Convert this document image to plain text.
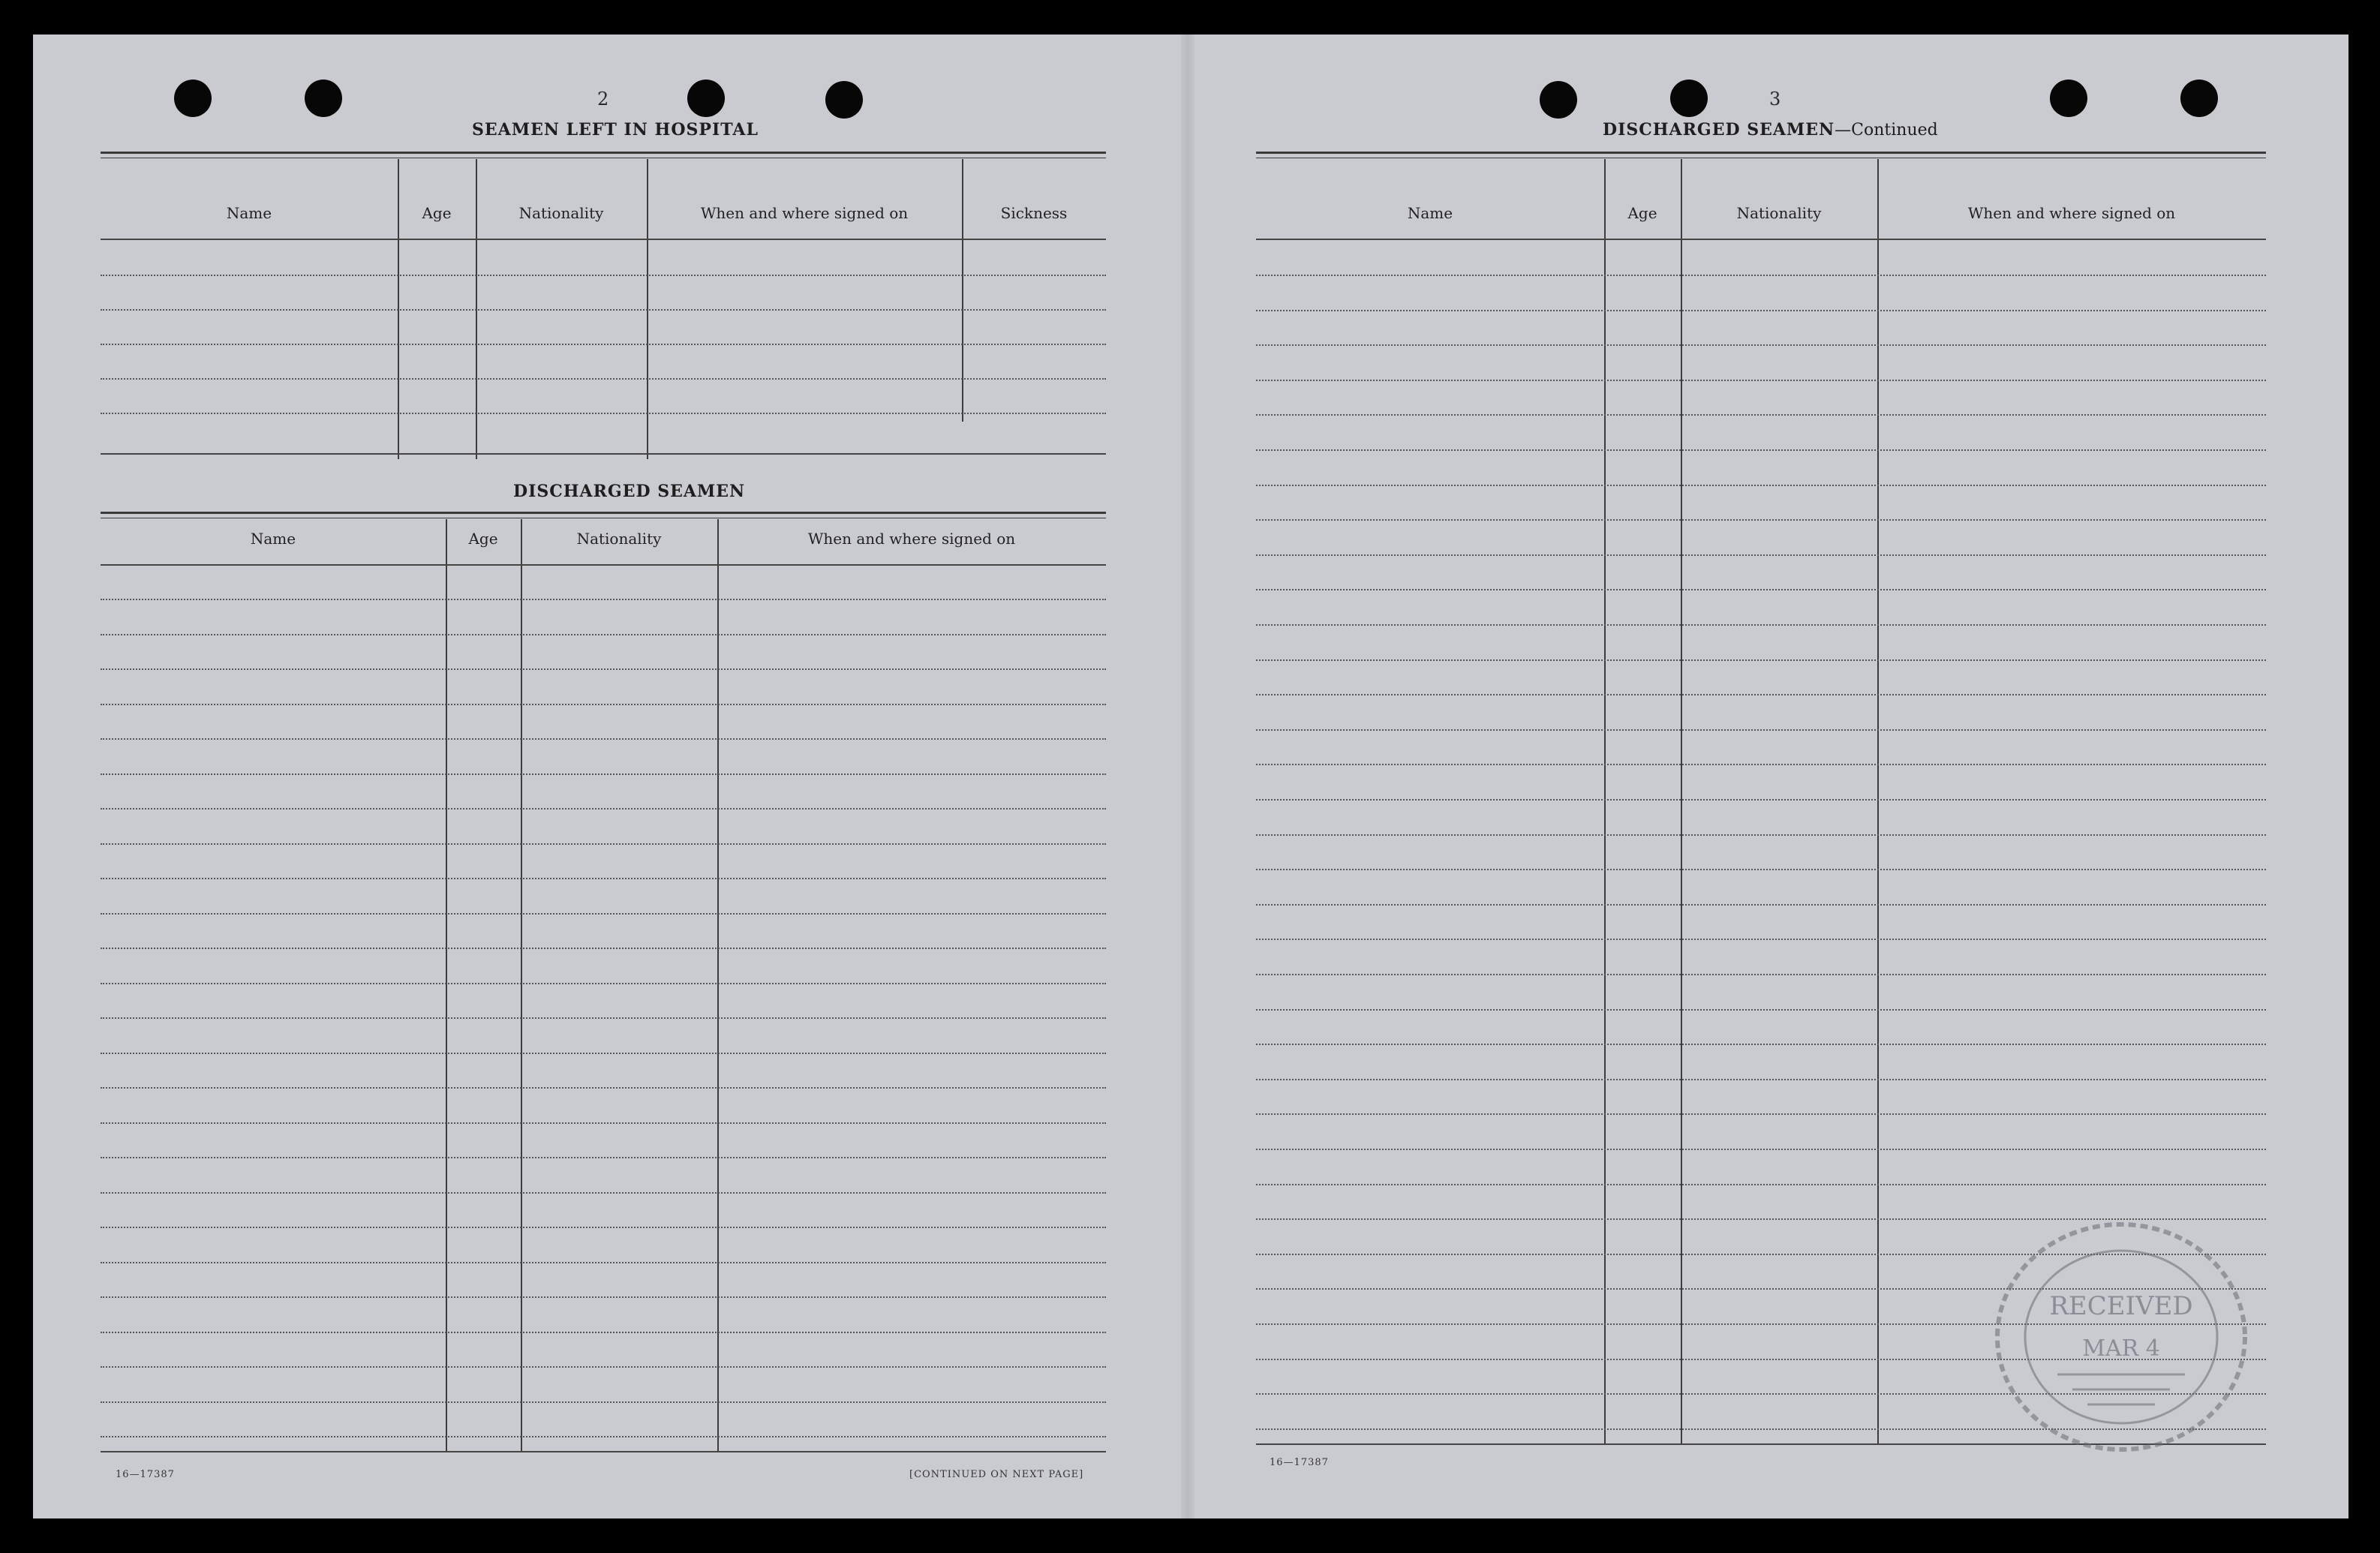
2
SEAMEN LEFT IN HOSPITAL
Name	Age	Nationality	When and where signed on	Sickness
DISCHARGED SEAMEN
Name	Age	Nationality	When and where signed on
16—17387	[CONTINUED ON NEXT PAGE]
3
DISCHARGED SEAMEN—Continued
Name	Age	Nationality	When and where signed on
16—17387
RECEIVED
MAR 4
